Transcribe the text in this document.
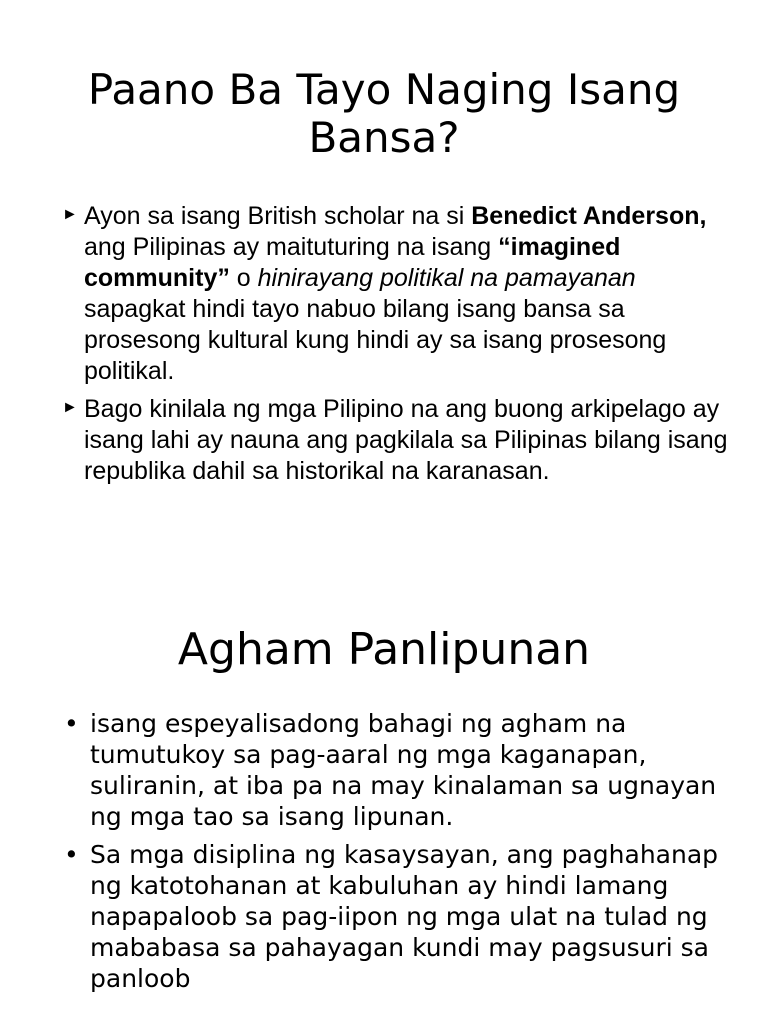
Paano Ba Tayo Naging Isang Bansa?
► Ayon sa isang British scholar na si Benedict Anderson, ang Pilipinas ay maituturing na isang “imagined community” o hinirayang politikal na pamayanan sapagkat hindi tayo nabuo bilang isang bansa sa prosesong kultural kung hindi ay sa isang prosesong politikal.
► Bago kinilala ng mga Pilipino na ang buong arkipelago ay isang lahi ay nauna ang pagkilala sa Pilipinas bilang isang republika dahil sa historikal na karanasan.
Agham Panlipunan
• isang espeyalisadong bahagi ng agham na tumutukoy sa pag-aaral ng mga kaganapan, suliranin, at iba pa na may kinalaman sa ugnayan ng mga tao sa isang lipunan.
• Sa mga disiplina ng kasaysayan, ang paghahanap ng katotohanan at kabuluhan ay hindi lamang napapaloob sa pag-iipon ng mga ulat na tulad ng mababasa sa pahayagan kundi may pagsusuri sa panloob
